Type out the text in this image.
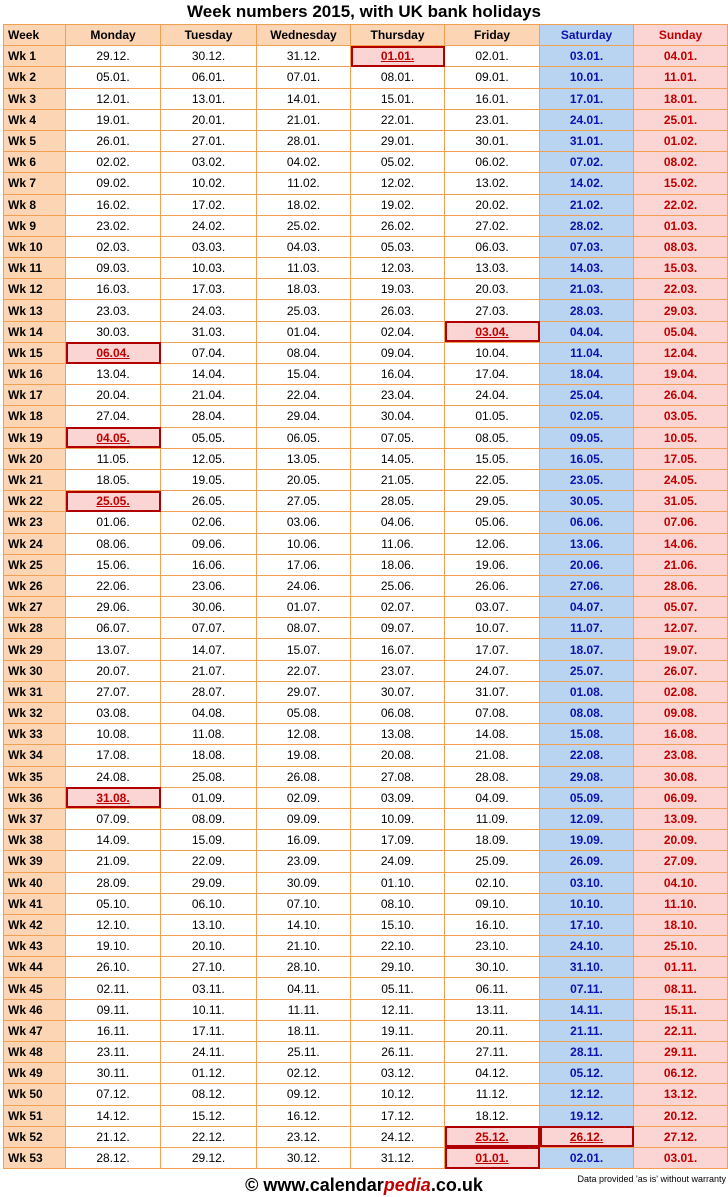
Week numbers 2015, with UK bank holidays
Week	Monday	Tuesday	Wednesday	Thursday	Friday	Saturday	Sunday
Wk 1	29.12.	30.12.	31.12.	01.01.	02.01.	03.01.	04.01.
Wk 2	05.01.	06.01.	07.01.	08.01.	09.01.	10.01.	11.01.
Wk 3	12.01.	13.01.	14.01.	15.01.	16.01.	17.01.	18.01.
Wk 4	19.01.	20.01.	21.01.	22.01.	23.01.	24.01.	25.01.
Wk 5	26.01.	27.01.	28.01.	29.01.	30.01.	31.01.	01.02.
Wk 6	02.02.	03.02.	04.02.	05.02.	06.02.	07.02.	08.02.
Wk 7	09.02.	10.02.	11.02.	12.02.	13.02.	14.02.	15.02.
Wk 8	16.02.	17.02.	18.02.	19.02.	20.02.	21.02.	22.02.
Wk 9	23.02.	24.02.	25.02.	26.02.	27.02.	28.02.	01.03.
Wk 10	02.03.	03.03.	04.03.	05.03.	06.03.	07.03.	08.03.
Wk 11	09.03.	10.03.	11.03.	12.03.	13.03.	14.03.	15.03.
Wk 12	16.03.	17.03.	18.03.	19.03.	20.03.	21.03.	22.03.
Wk 13	23.03.	24.03.	25.03.	26.03.	27.03.	28.03.	29.03.
Wk 14	30.03.	31.03.	01.04.	02.04.	03.04.	04.04.	05.04.
Wk 15	06.04.	07.04.	08.04.	09.04.	10.04.	11.04.	12.04.
Wk 16	13.04.	14.04.	15.04.	16.04.	17.04.	18.04.	19.04.
Wk 17	20.04.	21.04.	22.04.	23.04.	24.04.	25.04.	26.04.
Wk 18	27.04.	28.04.	29.04.	30.04.	01.05.	02.05.	03.05.
Wk 19	04.05.	05.05.	06.05.	07.05.	08.05.	09.05.	10.05.
Wk 20	11.05.	12.05.	13.05.	14.05.	15.05.	16.05.	17.05.
Wk 21	18.05.	19.05.	20.05.	21.05.	22.05.	23.05.	24.05.
Wk 22	25.05.	26.05.	27.05.	28.05.	29.05.	30.05.	31.05.
Wk 23	01.06.	02.06.	03.06.	04.06.	05.06.	06.06.	07.06.
Wk 24	08.06.	09.06.	10.06.	11.06.	12.06.	13.06.	14.06.
Wk 25	15.06.	16.06.	17.06.	18.06.	19.06.	20.06.	21.06.
Wk 26	22.06.	23.06.	24.06.	25.06.	26.06.	27.06.	28.06.
Wk 27	29.06.	30.06.	01.07.	02.07.	03.07.	04.07.	05.07.
Wk 28	06.07.	07.07.	08.07.	09.07.	10.07.	11.07.	12.07.
Wk 29	13.07.	14.07.	15.07.	16.07.	17.07.	18.07.	19.07.
Wk 30	20.07.	21.07.	22.07.	23.07.	24.07.	25.07.	26.07.
Wk 31	27.07.	28.07.	29.07.	30.07.	31.07.	01.08.	02.08.
Wk 32	03.08.	04.08.	05.08.	06.08.	07.08.	08.08.	09.08.
Wk 33	10.08.	11.08.	12.08.	13.08.	14.08.	15.08.	16.08.
Wk 34	17.08.	18.08.	19.08.	20.08.	21.08.	22.08.	23.08.
Wk 35	24.08.	25.08.	26.08.	27.08.	28.08.	29.08.	30.08.
Wk 36	31.08.	01.09.	02.09.	03.09.	04.09.	05.09.	06.09.
Wk 37	07.09.	08.09.	09.09.	10.09.	11.09.	12.09.	13.09.
Wk 38	14.09.	15.09.	16.09.	17.09.	18.09.	19.09.	20.09.
Wk 39	21.09.	22.09.	23.09.	24.09.	25.09.	26.09.	27.09.
Wk 40	28.09.	29.09.	30.09.	01.10.	02.10.	03.10.	04.10.
Wk 41	05.10.	06.10.	07.10.	08.10.	09.10.	10.10.	11.10.
Wk 42	12.10.	13.10.	14.10.	15.10.	16.10.	17.10.	18.10.
Wk 43	19.10.	20.10.	21.10.	22.10.	23.10.	24.10.	25.10.
Wk 44	26.10.	27.10.	28.10.	29.10.	30.10.	31.10.	01.11.
Wk 45	02.11.	03.11.	04.11.	05.11.	06.11.	07.11.	08.11.
Wk 46	09.11.	10.11.	11.11.	12.11.	13.11.	14.11.	15.11.
Wk 47	16.11.	17.11.	18.11.	19.11.	20.11.	21.11.	22.11.
Wk 48	23.11.	24.11.	25.11.	26.11.	27.11.	28.11.	29.11.
Wk 49	30.11.	01.12.	02.12.	03.12.	04.12.	05.12.	06.12.
Wk 50	07.12.	08.12.	09.12.	10.12.	11.12.	12.12.	13.12.
Wk 51	14.12.	15.12.	16.12.	17.12.	18.12.	19.12.	20.12.
Wk 52	21.12.	22.12.	23.12.	24.12.	25.12.	26.12.	27.12.
Wk 53	28.12.	29.12.	30.12.	31.12.	01.01.	02.01.	03.01.
© www.calendarpedia.co.uk	Data provided 'as is' without warranty
